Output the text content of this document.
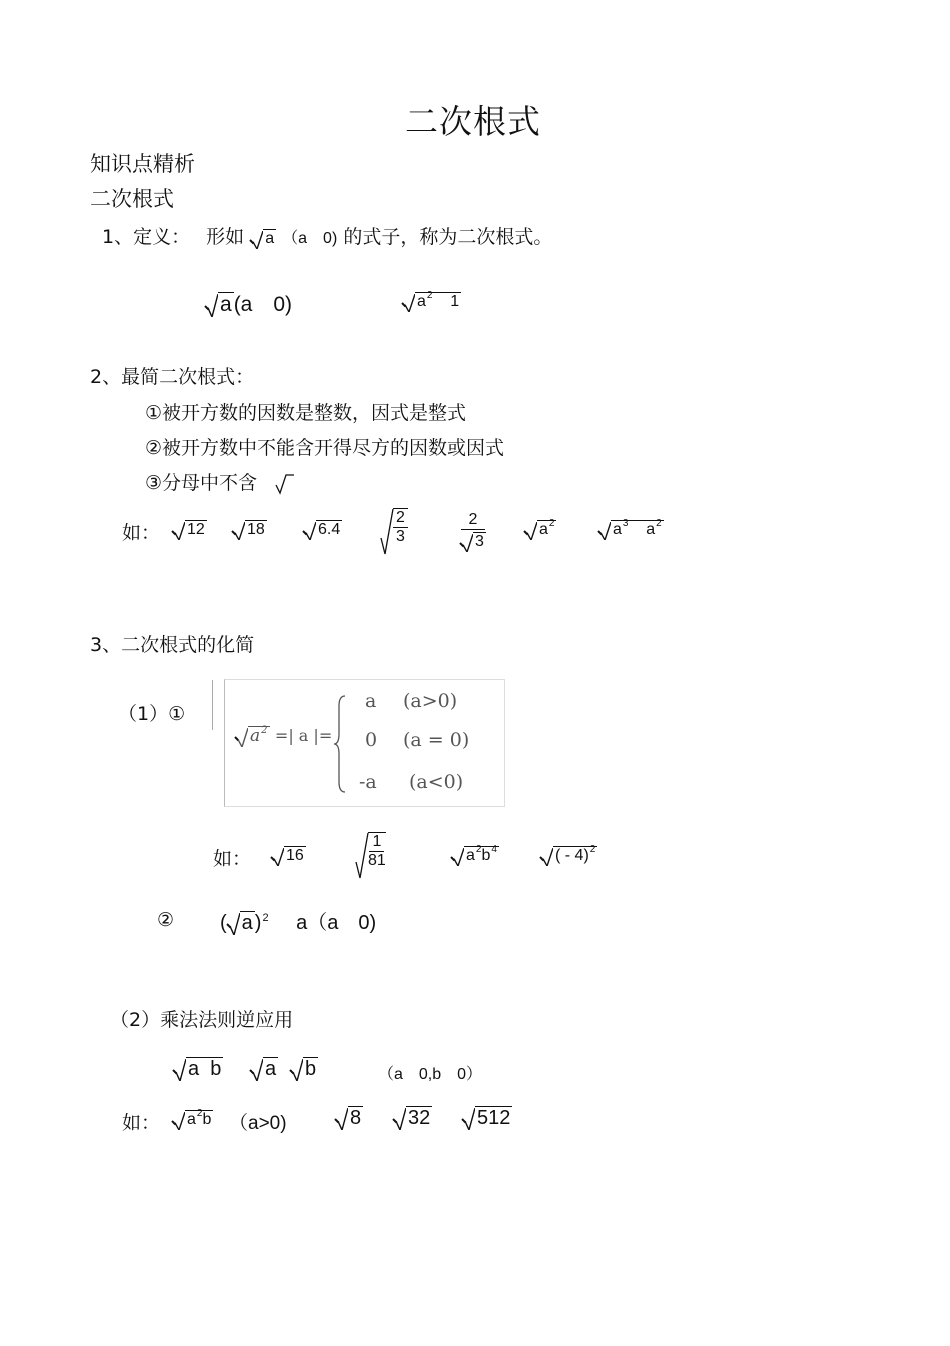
二次根式
知识点精析
二次根式
1、定义： 形如 a （a　0) 的式子，称为二次根式。
a(a　0)	$a^2$ 1
2、最简二次根式：
①被开方数的因数是整数，因式是整式
②被开方数中不能含开得尽方的因数或因式
③分母中不含
如：	12	18	6.4	$\frac{2}{3}$	$\frac{2}{3}$	$a^2$	$a^3$ $a^2$
3、二次根式的化简
（1）①
$a^2$ =| a |=
a (a>0)
0 (a = 0)
-a (a<0)
如：	16	$\frac{1}{81}$	$a^2b^4$	( - 4)$^2$
② ( a )$^2$ a（a　0)
（2）乘法法则逆应用
a  b	a	b	（a　0,b　0）
如：	$a^2b$ （a>0)	8	32	512
